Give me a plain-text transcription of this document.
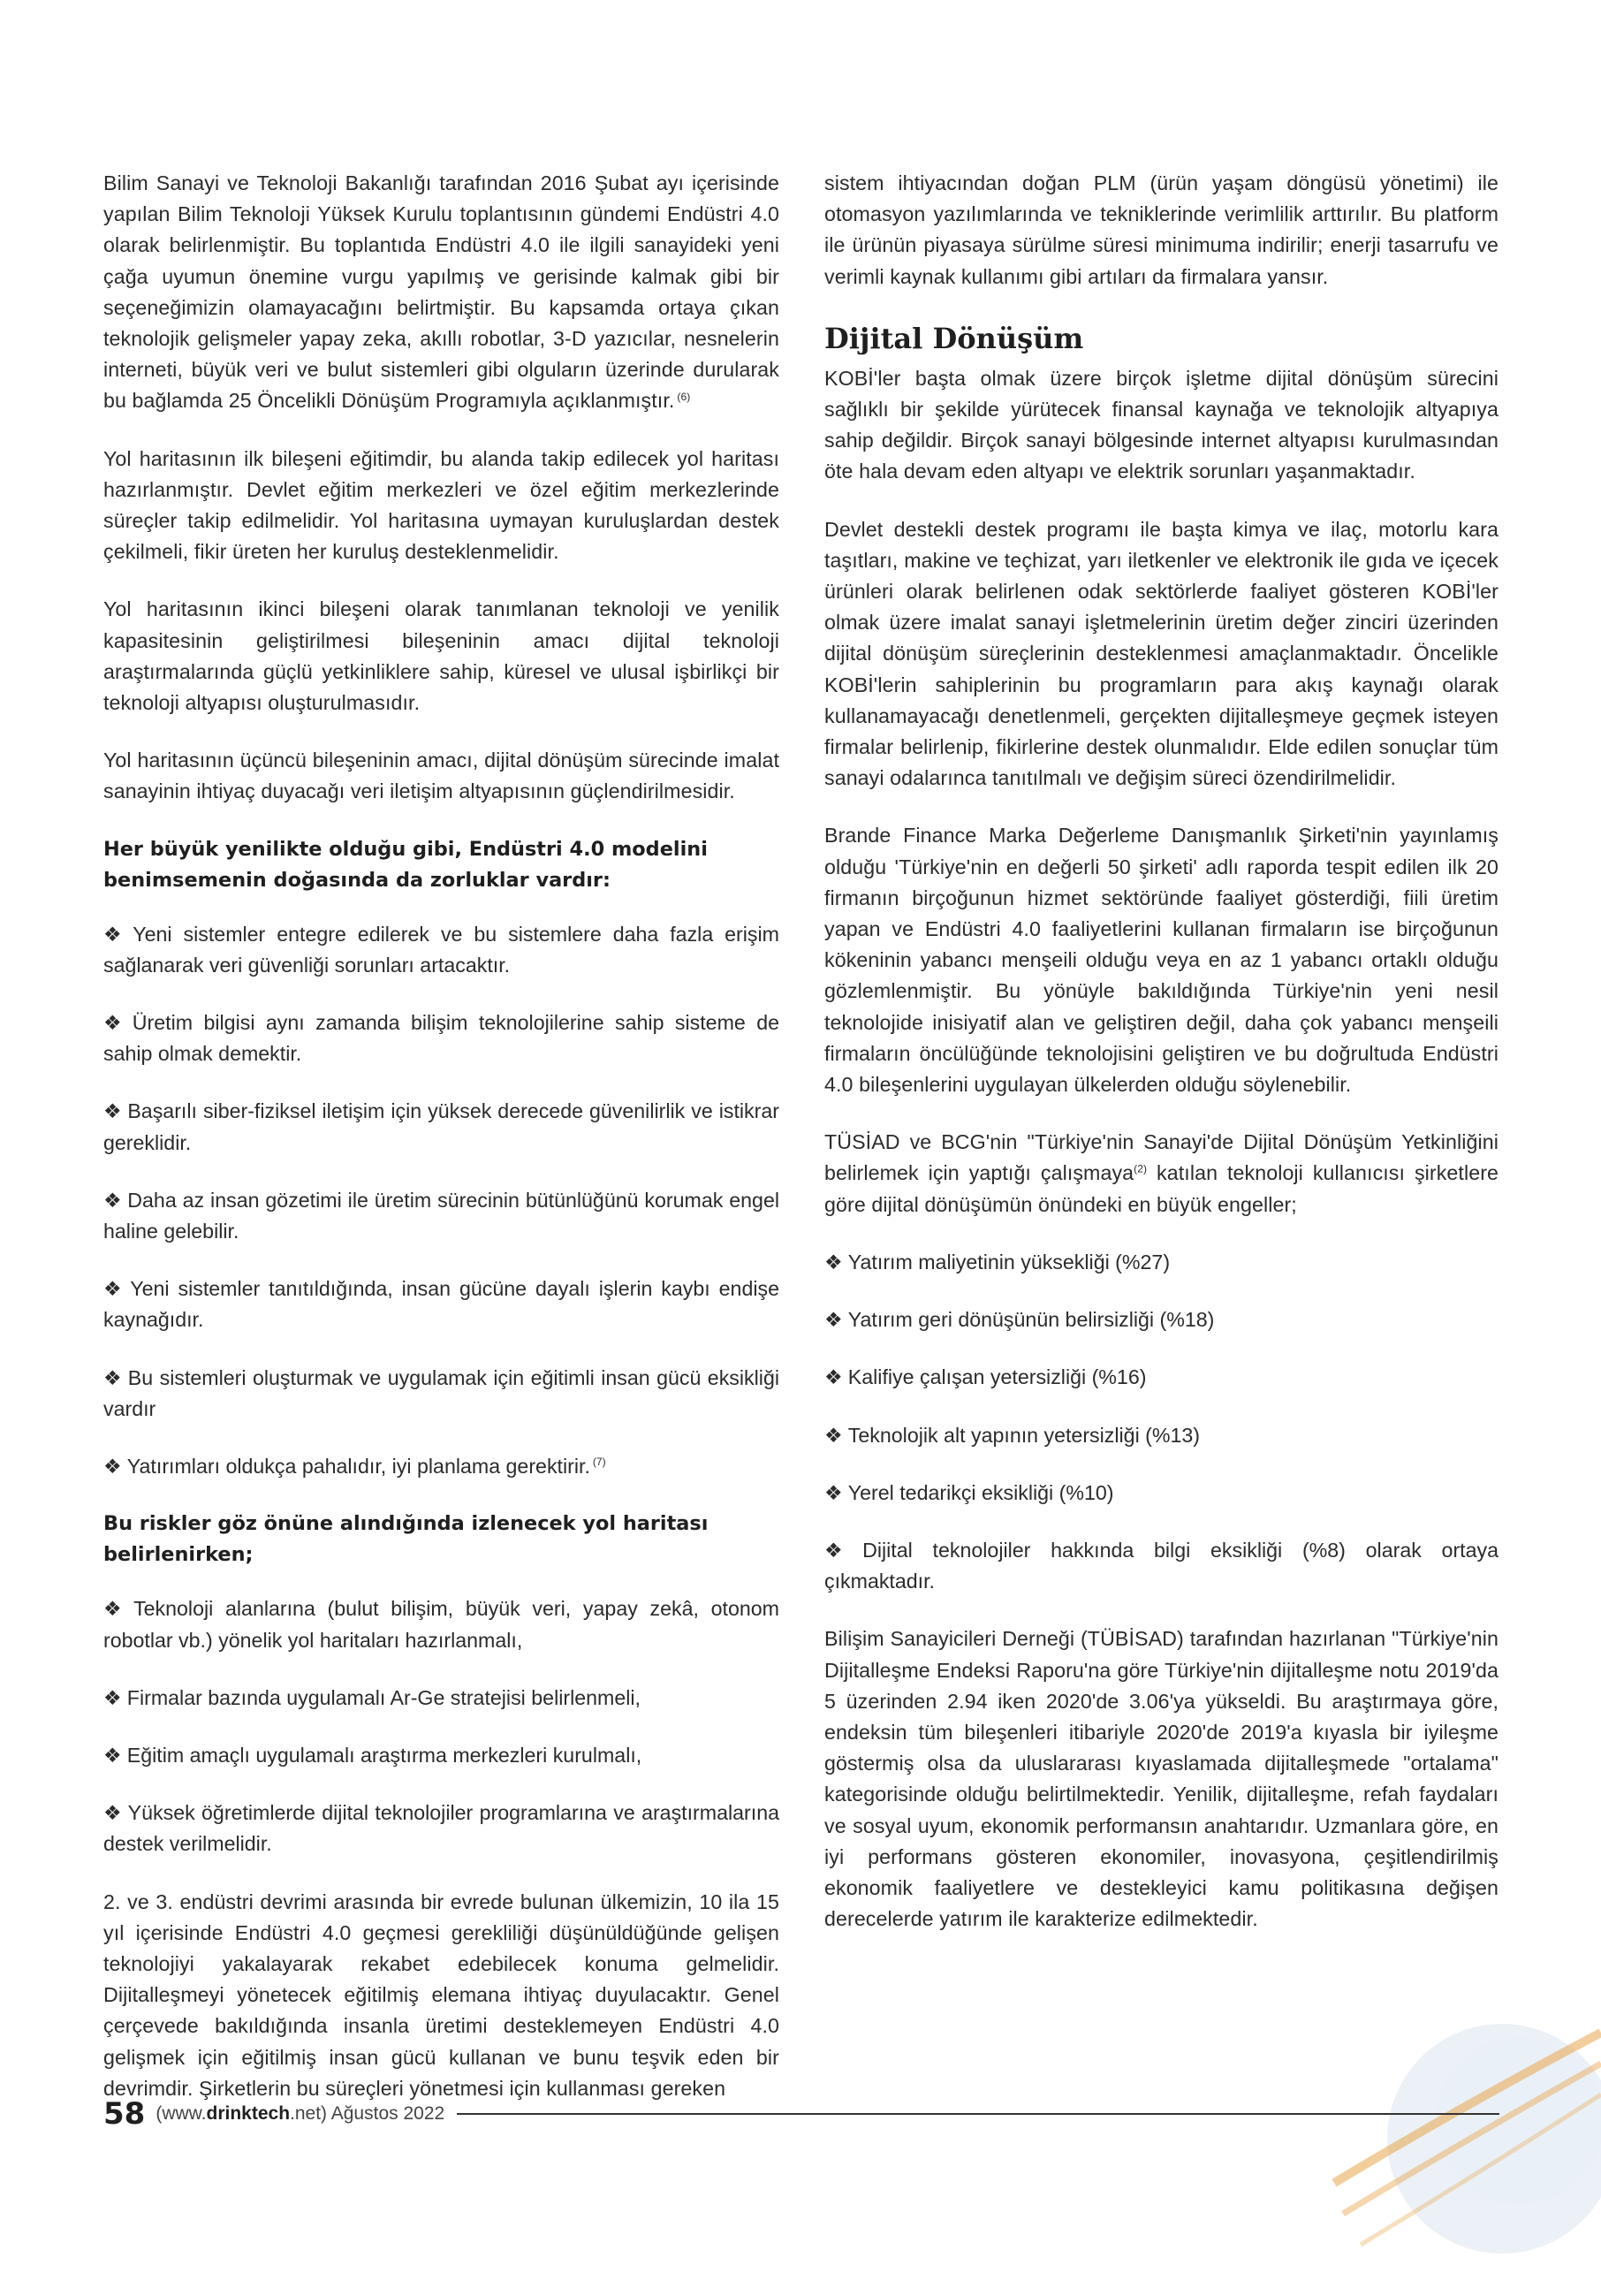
Bilim Sanayi ve Teknoloji Bakanlığı tarafından 2016 Şubat ayı içerisinde yapılan Bilim Teknoloji Yüksek Kurulu toplantısının gündemi Endüstri 4.0 olarak belirlenmiştir. Bu toplantıda Endüstri 4.0 ile ilgili sanayideki yeni çağa uyumun önemine vurgu yapılmış ve gerisinde kalmak gibi bir seçeneğimizin olamayacağını belirtmiştir. Bu kapsamda ortaya çıkan teknolojik gelişmeler yapay zeka, akıllı robotlar, 3-D yazıcılar, nesnelerin interneti, büyük veri ve bulut sistemleri gibi olguların üzerinde durularak bu bağlamda 25 Öncelikli Dönüşüm Programıyla açıklanmıştır. $^{(6)}$

Yol haritasının ilk bileşeni eğitimdir, bu alanda takip edilecek yol haritası hazırlanmıştır. Devlet eğitim merkezleri ve özel eğitim merkezlerinde süreçler takip edilmelidir. Yol haritasına uymayan kuruluşlardan destek çekilmeli, fikir üreten her kuruluş desteklenmelidir.

Yol haritasının ikinci bileşeni olarak tanımlanan teknoloji ve yenilik kapasitesinin geliştirilmesi bileşeninin amacı dijital teknoloji araştırmalarında güçlü yetkinliklere sahip, küresel ve ulusal işbirlikçi bir teknoloji altyapısı oluşturulmasıdır.

Yol haritasının üçüncü bileşeninin amacı, dijital dönüşüm sürecinde imalat sanayinin ihtiyaç duyacağı veri iletişim altyapısının güçlendirilmesidir.

Her büyük yenilikte olduğu gibi, Endüstri 4.0 modelini benimsemenin doğasında da zorluklar vardır:
❖ Yeni sistemler entegre edilerek ve bu sistemlere daha fazla erişim sağlanarak veri güvenliği sorunları artacaktır.
❖ Üretim bilgisi aynı zamanda bilişim teknolojilerine sahip sisteme de sahip olmak demektir.
❖ Başarılı siber-fiziksel iletişim için yüksek derecede güvenilirlik ve istikrar gereklidir.
❖ Daha az insan gözetimi ile üretim sürecinin bütünlüğünü korumak engel haline gelebilir.
❖ Yeni sistemler tanıtıldığında, insan gücüne dayalı işlerin kaybı endişe kaynağıdır.
❖ Bu sistemleri oluşturmak ve uygulamak için eğitimli insan gücü eksikliği vardır
❖ Yatırımları oldukça pahalıdır, iyi planlama gerektirir. $^{(7)}$
Bu riskler göz önüne alındığında izlenecek yol haritası belirlenirken;
❖ Teknoloji alanlarına (bulut bilişim, büyük veri, yapay zekâ, otonom robotlar vb.) yönelik yol haritaları hazırlanmalı,
❖ Firmalar bazında uygulamalı Ar-Ge stratejisi belirlenmeli,
❖ Eğitim amaçlı uygulamalı araştırma merkezleri kurulmalı,
❖ Yüksek öğretimlerde dijital teknolojiler programlarına ve araştırmalarına destek verilmelidir.

2. ve 3. endüstri devrimi arasında bir evrede bulunan ülkemizin, 10 ila 15 yıl içerisinde Endüstri 4.0 geçmesi gerekliliği düşünüldüğünde gelişen teknolojiyi yakalayarak rekabet edebilecek konuma gelmelidir. Dijitalleşmeyi yönetecek eğitilmiş elemana ihtiyaç duyulacaktır. Genel çerçevede bakıldığında insanla üretimi desteklemeyen Endüstri 4.0 gelişmek için eğitilmiş insan gücü kullanan ve bunu teşvik eden bir devrimdir. Şirketlerin bu süreçleri yönetmesi için kullanması gereken

sistem ihtiyacından doğan PLM (ürün yaşam döngüsü yönetimi) ile otomasyon yazılımlarında ve tekniklerinde verimlilik arttırılır. Bu platform ile ürünün piyasaya sürülme süresi minimuma indirilir; enerji tasarrufu ve verimli kaynak kullanımı gibi artıları da firmalara yansır.

Dijital Dönüşüm

KOBİ'ler başta olmak üzere birçok işletme dijital dönüşüm sürecini sağlıklı bir şekilde yürütecek finansal kaynağa ve teknolojik altyapıya sahip değildir. Birçok sanayi bölgesinde internet altyapısı kurulmasından öte hala devam eden altyapı ve elektrik sorunları yaşanmaktadır.

Devlet destekli destek programı ile başta kimya ve ilaç, motorlu kara taşıtları, makine ve teçhizat, yarı iletkenler ve elektronik ile gıda ve içecek ürünleri olarak belirlenen odak sektörlerde faaliyet gösteren KOBİ'ler olmak üzere imalat sanayi işletmelerinin üretim değer zinciri üzerinden dijital dönüşüm süreçlerinin desteklenmesi amaçlanmaktadır. Öncelikle KOBİ'lerin sahiplerinin bu programların para akış kaynağı olarak kullanamayacağı denetlenmeli, gerçekten dijitalleşmeye geçmek isteyen firmalar belirlenip, fikirlerine destek olunmalıdır. Elde edilen sonuçlar tüm sanayi odalarınca tanıtılmalı ve değişim süreci özendirilmelidir.

Brande Finance Marka Değerleme Danışmanlık Şirketi'nin yayınlamış olduğu 'Türkiye'nin en değerli 50 şirketi' adlı raporda tespit edilen ilk 20 firmanın birçoğunun hizmet sektöründe faaliyet gösterdiği, fiili üretim yapan ve Endüstri 4.0 faaliyetlerini kullanan firmaların ise birçoğunun kökeninin yabancı menşeili olduğu veya en az 1 yabancı ortaklı olduğu gözlemlenmiştir. Bu yönüyle bakıldığında Türkiye'nin yeni nesil teknolojide inisiyatif alan ve geliştiren değil, daha çok yabancı menşeili firmaların öncülüğünde teknolojisini geliştiren ve bu doğrultuda Endüstri 4.0 bileşenlerini uygulayan ülkelerden olduğu söylenebilir.

TÜSİAD ve BCG'nin "Türkiye'nin Sanayi'de Dijital Dönüşüm Yetkinliğini belirlemek için yaptığı çalışmaya$^{(2)}$ katılan teknoloji kullanıcısı şirketlere göre dijital dönüşümün önündeki en büyük engeller;

❖ Yatırım maliyetinin yüksekliği (%27)
❖ Yatırım geri dönüşünün belirsizliği (%18)
❖ Kalifiye çalışan yetersizliği (%16)
❖ Teknolojik alt yapının yetersizliği (%13)
❖ Yerel tedarikçi eksikliği (%10)
❖ Dijital teknolojiler hakkında bilgi eksikliği (%8) olarak ortaya çıkmaktadır.

Bilişim Sanayicileri Derneği (TÜBİSAD) tarafından hazırlanan "Türkiye'nin Dijitalleşme Endeksi Raporu'na göre Türkiye'nin dijitalleşme notu 2019'da 5 üzerinden 2.94 iken 2020'de 3.06'ya yükseldi. Bu araştırmaya göre, endeksin tüm bileşenleri itibariyle 2020'de 2019'a kıyasla bir iyileşme göstermiş olsa da uluslararası kıyaslamada dijitalleşmede "ortalama" kategorisinde olduğu belirtilmektedir. Yenilik, dijitalleşme, refah faydaları ve sosyal uyum, ekonomik performansın anahtarıdır. Uzmanlara göre, en iyi performans gösteren ekonomiler, inovasyona, çeşitlendirilmiş ekonomik faaliyetlere ve destekleyici kamu politikasına değişen derecelerde yatırım ile karakterize edilmektedir.

58 (www.drinktech.net) Ağustos 2022
